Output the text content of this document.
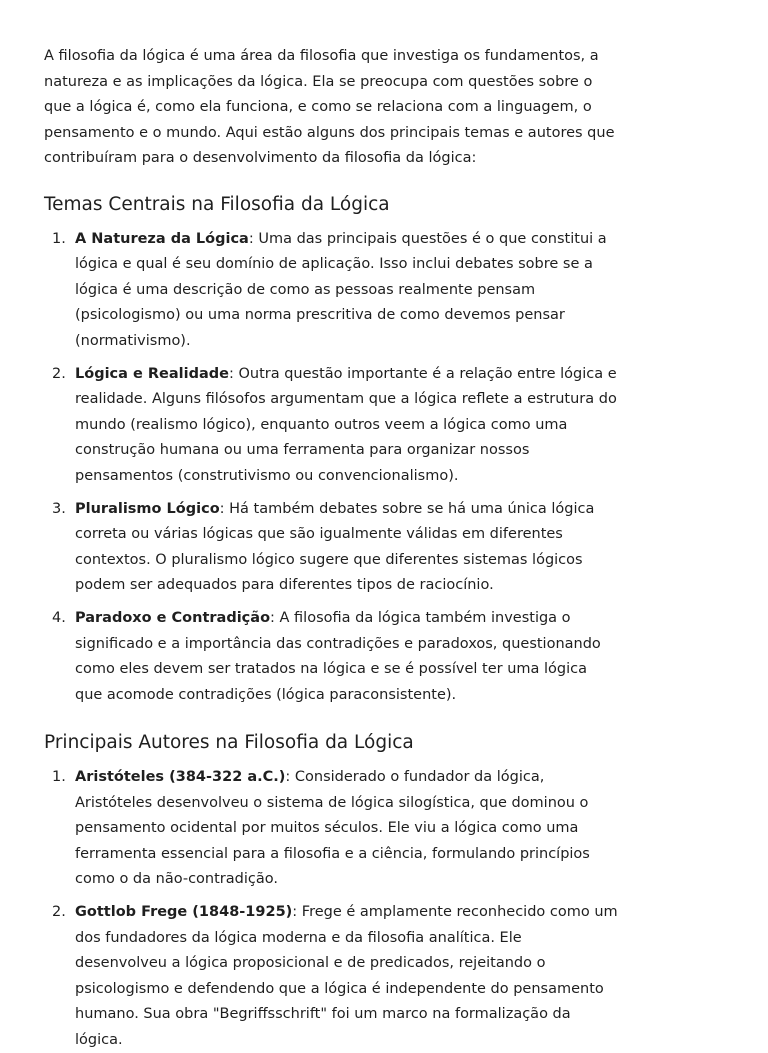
A filosofia da lógica é uma área da filosofia que investiga os fundamentos, a natureza e as implicações da lógica. Ela se preocupa com questões sobre o que a lógica é, como ela funciona, e como se relaciona com a linguagem, o pensamento e o mundo. Aqui estão alguns dos principais temas e autores que contribuíram para o desenvolvimento da filosofia da lógica:

Temas Centrais na Filosofia da Lógica
1. A Natureza da Lógica: Uma das principais questões é o que constitui a lógica e qual é seu domínio de aplicação. Isso inclui debates sobre se a lógica é uma descrição de como as pessoas realmente pensam (psicologismo) ou uma norma prescritiva de como devemos pensar (normativismo).
2. Lógica e Realidade: Outra questão importante é a relação entre lógica e realidade. Alguns filósofos argumentam que a lógica reflete a estrutura do mundo (realismo lógico), enquanto outros veem a lógica como uma construção humana ou uma ferramenta para organizar nossos pensamentos (construtivismo ou convencionalismo).
3. Pluralismo Lógico: Há também debates sobre se há uma única lógica correta ou várias lógicas que são igualmente válidas em diferentes contextos. O pluralismo lógico sugere que diferentes sistemas lógicos podem ser adequados para diferentes tipos de raciocínio.
4. Paradoxo e Contradição: A filosofia da lógica também investiga o significado e a importância das contradições e paradoxos, questionando como eles devem ser tratados na lógica e se é possível ter uma lógica que acomode contradições (lógica paraconsistente).
Principais Autores na Filosofia da Lógica
1. Aristóteles (384-322 a.C.): Considerado o fundador da lógica, Aristóteles desenvolveu o sistema de lógica silogística, que dominou o pensamento ocidental por muitos séculos. Ele viu a lógica como uma ferramenta essencial para a filosofia e a ciência, formulando princípios como o da não-contradição.
2. Gottlob Frege (1848-1925): Frege é amplamente reconhecido como um dos fundadores da lógica moderna e da filosofia analítica. Ele desenvolveu a lógica proposicional e de predicados, rejeitando o psicologismo e defendendo que a lógica é independente do pensamento humano. Sua obra "Begriffsschrift" foi um marco na formalização da lógica.
